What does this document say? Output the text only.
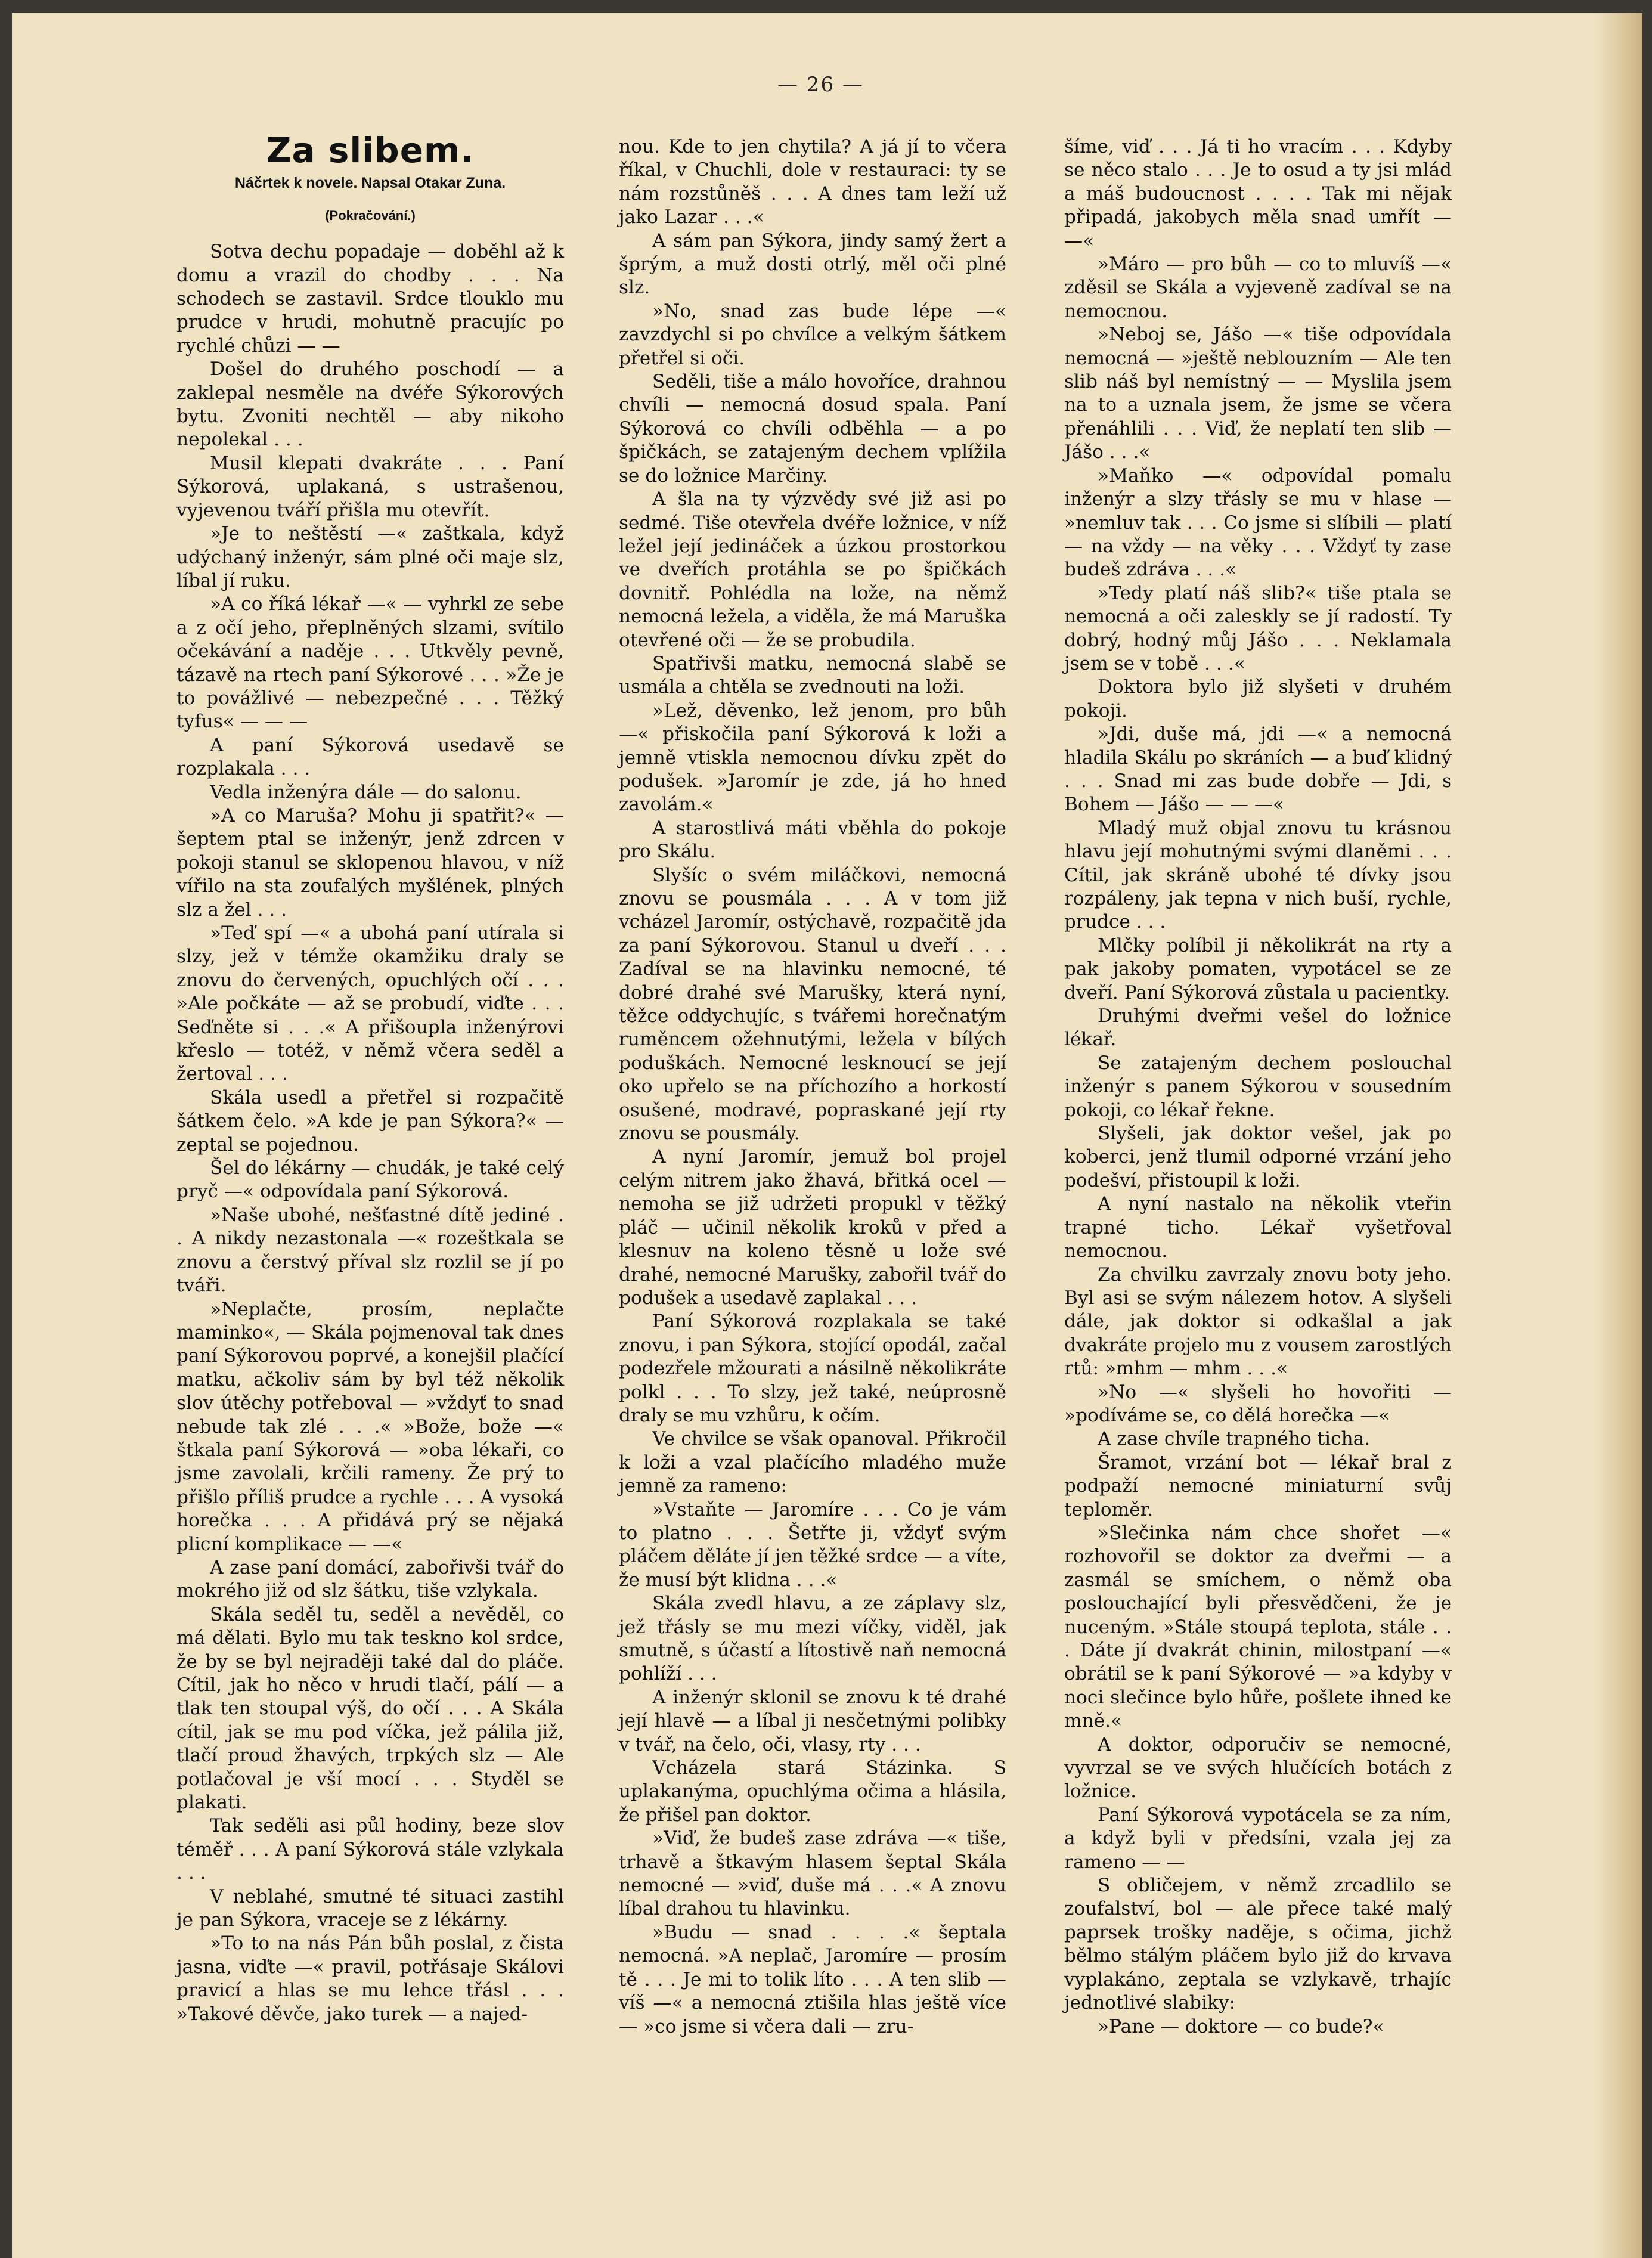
— 26 —
Za slibem.
Náčrtek k novele. Napsal Otakar Zuna.
(Pokračování.)

Sotva dechu popadaje — doběhl až k domu a vrazil do chodby . . . Na schodech se zastavil. Srdce tlouklo mu prudce v hrudi, mohutně pracujíc po rychlé chůzi — —

Došel do druhého poschodí — a zaklepal nesměle na dvéře Sýkorových bytu. Zvoniti nechtěl — aby nikoho nepolekal . . .

Musil klepati dvakráte . . . Paní Sýkorová, uplakaná, s ustrašenou, vyjevenou tváří přišla mu otevřít.

»Je to neštěstí —« zaštkala, když udýchaný inženýr, sám plné oči maje slz, líbal jí ruku.

»A co říká lékař —« — vyhrkl ze sebe a z očí jeho, přeplněných slzami, svítilo očekávání a naděje . . . Utkvěly pevně, tázavě na rtech paní Sýkorové . . . »Že je to povážlivé — nebezpečné . . . Těžký tyfus« — — —

A paní Sýkorová usedavě se rozplakala . . .

Vedla inženýra dále — do salonu.

»A co Maruša? Mohu ji spatřit?« — šeptem ptal se inženýr, jenž zdrcen v pokoji stanul se sklopenou hlavou, v níž vířilo na sta zoufalých myšlének, plných slz a žel . . .

»Teď spí —« a ubohá paní utírala si slzy, jež v témže okamžiku draly se znovu do červených, opuchlých očí . . . »Ale počkáte — až se probudí, viďte . . . Seďněte si . . .« A přišoupla inženýrovi křeslo — totéž, v němž včera seděl a žertoval . . .

Skála usedl a přetřel si rozpačitě šátkem čelo. »A kde je pan Sýkora?« — zeptal se pojednou.

Šel do lékárny — chudák, je také celý pryč —« odpovídala paní Sýkorová.

»Naše ubohé, nešťastné dítě jediné . . A nikdy nezastonala —« rozeštkala se znovu a čerstvý příval slz rozlil se jí po tváři.

»Neplačte, prosím, neplačte maminko«, — Skála pojmenoval tak dnes paní Sýkorovou poprvé, a konejšil plačící matku, ačkoliv sám by byl též několik slov útěchy potřeboval — »vždyť to snad nebude tak zlé . . .« »Bože, bože —« štkala paní Sýkorová — »oba lékaři, co jsme zavolali, krčili rameny. Že prý to přišlo příliš prudce a rychle . . . A vysoká horečka . . . A přidává prý se nějaká plicní komplikace — —«

A zase paní domácí, zabořivši tvář do mokrého již od slz šátku, tiše vzlykala.

Skála seděl tu, seděl a nevěděl, co má dělati. Bylo mu tak teskno kol srdce, že by se byl nejraději také dal do pláče. Cítil, jak ho něco v hrudi tlačí, pálí — a tlak ten stoupal výš, do očí . . . A Skála cítil, jak se mu pod víčka, jež pálila již, tlačí proud žhavých, trpkých slz — Ale potlačoval je vší mocí . . . Styděl se plakati.

Tak seděli asi půl hodiny, beze slov téměř . . . A paní Sýkorová stále vzlykala . . .

V neblahé, smutné té situaci zastihl je pan Sýkora, vraceje se z lékárny.

»To to na nás Pán bůh poslal, z čista jasna, viďte —« pravil, potřásaje Skálovi pravicí a hlas se mu lehce třásl . . . »Takové děvče, jako turek — a najed-

nou. Kde to jen chytila? A já jí to včera říkal, v Chuchli, dole v restauraci: ty se nám rozstůněš . . . A dnes tam leží už jako Lazar . . .«

A sám pan Sýkora, jindy samý žert a šprým, a muž dosti otrlý, měl oči plné slz.

»No, snad zas bude lépe —« zavzdychl si po chvílce a velkým šátkem přetřel si oči.

Seděli, tiše a málo hovoříce, drahnou chvíli — nemocná dosud spala. Paní Sýkorová co chvíli odběhla — a po špičkách, se zatajeným dechem vplížila se do ložnice Marčiny.

A šla na ty výzvědy své již asi po sedmé. Tiše otevřela dvéře ložnice, v níž ležel její jedináček a úzkou prostorkou ve dveřích protáhla se po špičkách dovnitř. Pohlédla na lože, na němž nemocná ležela, a viděla, že má Maruška otevřené oči — že se probudila.

Spatřivši matku, nemocná slabě se usmála a chtěla se zvednouti na loži.

»Lež, děvenko, lež jenom, pro bůh —« přiskočila paní Sýkorová k loži a jemně vtiskla nemocnou dívku zpět do podušek. »Jaromír je zde, já ho hned zavolám.«

A starostlivá máti vběhla do pokoje pro Skálu.

Slyšíc o svém miláčkovi, nemocná znovu se pousmála . . . A v tom již vcházel Jaromír, ostýchavě, rozpačitě jda za paní Sýkorovou. Stanul u dveří . . . Zadíval se na hlavinku nemocné, té dobré drahé své Marušky, která nyní, těžce oddychujíc, s tvářemi horečnatým ruměncem ožehnutými, ležela v bílých poduškách. Nemocné lesknoucí se její oko upřelo se na příchozího a horkostí osušené, modravé, popraskané její rty znovu se pousmály.

A nyní Jaromír, jemuž bol projel celým nitrem jako žhavá, břitká ocel — nemoha se již udržeti propukl v těžký pláč — učinil několik kroků v před a klesnuv na koleno těsně u lože své drahé, nemocné Marušky, zabořil tvář do podušek a usedavě zaplakal . . .

Paní Sýkorová rozplakala se také znovu, i pan Sýkora, stojící opodál, začal podezřele mžourati a násilně několikráte polkl . . . To slzy, jež také, neúprosně draly se mu vzhůru, k očím.

Ve chvilce se však opanoval. Přikročil k loži a vzal plačícího mladého muže jemně za rameno:

»Vstaňte — Jaromíre . . . Co je vám to platno . . . Šetřte ji, vždyť svým pláčem děláte jí jen těžké srdce — a víte, že musí být klidna . . .«

Skála zvedl hlavu, a ze záplavy slz, jež třásly se mu mezi víčky, viděl, jak smutně, s účastí a lítostivě naň nemocná pohlíží . . .

A inženýr sklonil se znovu k té drahé její hlavě — a líbal ji nesčetnými polibky v tvář, na čelo, oči, vlasy, rty . . .

Vcházela stará Stázinka. S uplakanýma, opuchlýma očima a hlásila, že přišel pan doktor.

»Viď, že budeš zase zdráva —« tiše, trhavě a štkavým hlasem šeptal Skála nemocné — »viď, duše má . . .« A znovu líbal drahou tu hlavinku.

»Budu — snad . . . .« šeptala nemocná. »A neplač, Jaromíre — prosím tě . . . Je mi to tolik líto . . . A ten slib — víš —« a nemocná ztišila hlas ještě více — »co jsme si včera dali — zru-

šíme, viď . . . Já ti ho vracím . . . Kdyby se něco stalo . . . Je to osud a ty jsi mlád a máš budoucnost . . . . Tak mi nějak připadá, jakobych měla snad umřít — —«

»Máro — pro bůh — co to mluvíš —« zděsil se Skála a vyjeveně zadíval se na nemocnou.

»Neboj se, Jášo —« tiše odpovídala nemocná — »ještě neblouzním — Ale ten slib náš byl nemístný — — Myslila jsem na to a uznala jsem, že jsme se včera přenáhlili . . . Viď, že neplatí ten slib — Jášo . . .«

»Maňko —« odpovídal pomalu inženýr a slzy třásly se mu v hlase — »nemluv tak . . . Co jsme si slíbili — platí — na vždy — na věky . . . Vždyť ty zase budeš zdráva . . .«

»Tedy platí náš slib?« tiše ptala se nemocná a oči zaleskly se jí radostí. Ty dobrý, hodný můj Jášo . . . Neklamala jsem se v tobě . . .«

Doktora bylo již slyšeti v druhém pokoji.

»Jdi, duše má, jdi —« a nemocná hladila Skálu po skráních — a buď klidný . . . Snad mi zas bude dobře — Jdi, s Bohem — Jášo — — —«

Mladý muž objal znovu tu krásnou hlavu její mohutnými svými dlaněmi . . . Cítil, jak skráně ubohé té dívky jsou rozpáleny, jak tepna v nich buší, rychle, prudce . . .

Mlčky políbil ji několikrát na rty a pak jakoby pomaten, vypotácel se ze dveří. Paní Sýkorová zůstala u pacientky.

Druhými dveřmi vešel do ložnice lékař.

Se zatajeným dechem poslouchal inženýr s panem Sýkorou v sousedním pokoji, co lékař řekne.

Slyšeli, jak doktor vešel, jak po koberci, jenž tlumil odporné vrzání jeho podešví, přistoupil k loži.

A nyní nastalo na několik vteřin trapné ticho. Lékař vyšetřoval nemocnou.

Za chvilku zavrzaly znovu boty jeho. Byl asi se svým nálezem hotov. A slyšeli dále, jak doktor si odkašlal a jak dvakráte projelo mu z vousem zarostlých rtů: »mhm — mhm . . .«

»No —« slyšeli ho hovořiti — »podíváme se, co dělá horečka —«

A zase chvíle trapného ticha.

Šramot, vrzání bot — lékař bral z podpaží nemocné miniaturní svůj teploměr.

»Slečinka nám chce shořet —« rozhovořil se doktor za dveřmi — a zasmál se smíchem, o němž oba poslouchající byli přesvědčeni, že je nuceným. »Stále stoupá teplota, stále . . . Dáte jí dvakrát chinin, milostpaní —« obrátil se k paní Sýkorové — »a kdyby v noci slečince bylo hůře, pošlete ihned ke mně.«

A doktor, odporučiv se nemocné, vyvrzal se ve svých hlučících botách z ložnice.

Paní Sýkorová vypotácela se za ním, a když byli v předsíni, vzala jej za rameno — —

S obličejem, v němž zrcadlilo se zoufalství, bol — ale přece také malý paprsek trošky naděje, s očima, jichž bělmo stálým pláčem bylo již do krvava vyplakáno, zeptala se vzlykavě, trhajíc jednotlivé slabiky:

»Pane — doktore — co bude?«
